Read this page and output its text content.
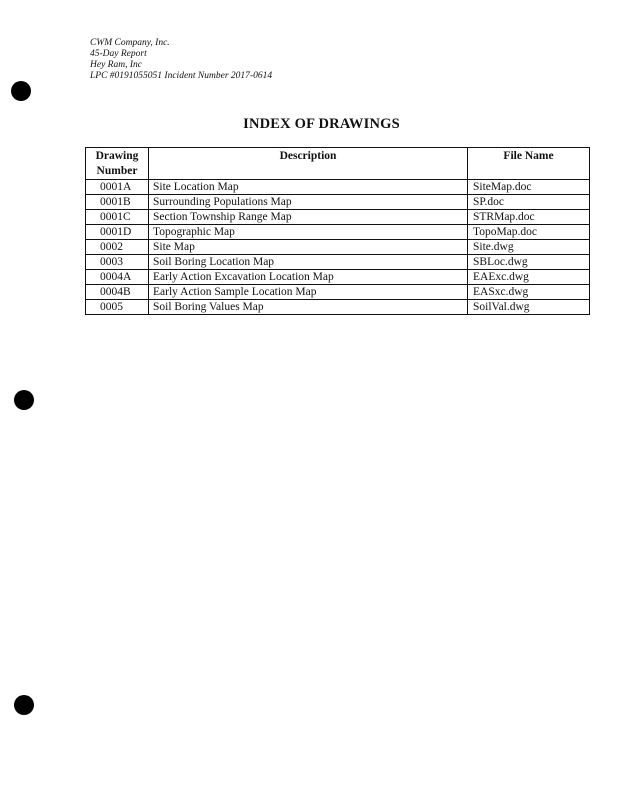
CWM Company, Inc.
45-Day Report
Hey Ram, Inc
LPC #0191055051 Incident Number 2017-0614
INDEX OF DRAWINGS
Drawing
Number	Description	File Name
0001A	Site Location Map	SiteMap.doc
0001B	Surrounding Populations Map	SP.doc
0001C	Section Township Range Map	STRMap.doc
0001D	Topographic Map	TopoMap.doc
0002	Site Map	Site.dwg
0003	Soil Boring Location Map	SBLoc.dwg
0004A	Early Action Excavation Location Map	EAExc.dwg
0004B	Early Action Sample Location Map	EASxc.dwg
0005	Soil Boring Values Map	SoilVal.dwg
